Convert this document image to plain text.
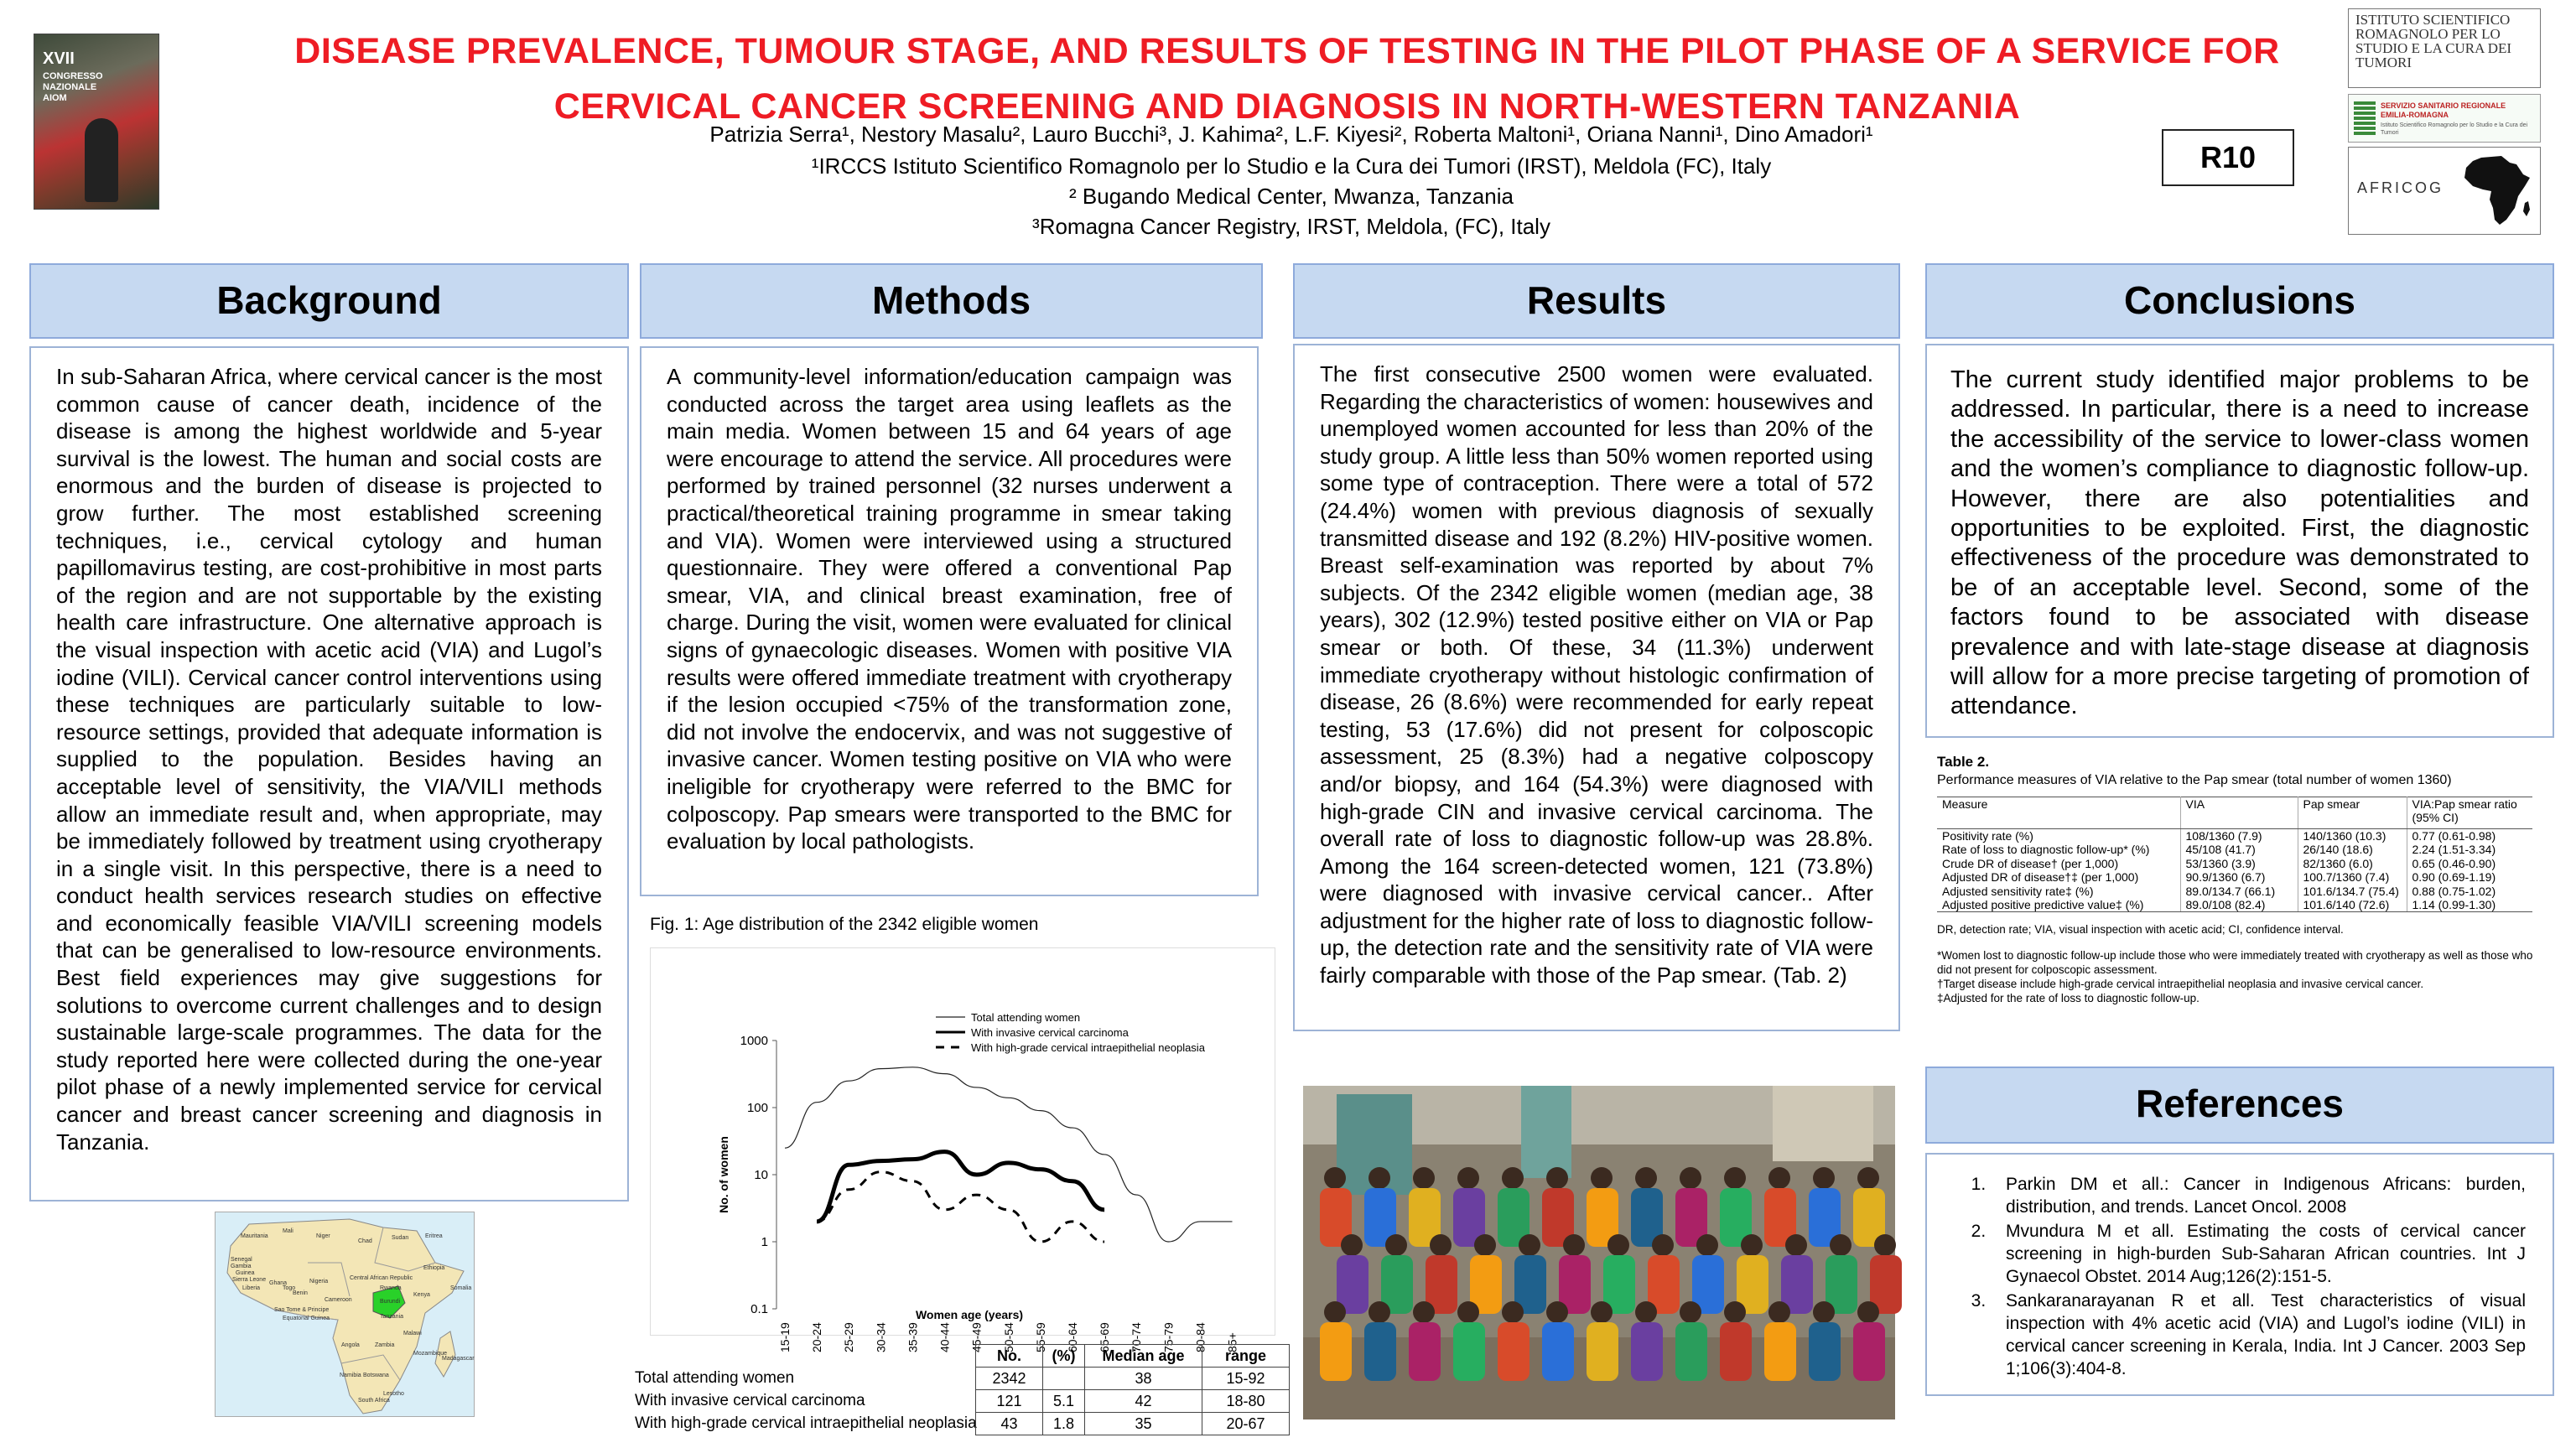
XVII
CONGRESSO NAZIONALE AIOM
DISEASE PREVALENCE, TUMOUR STAGE, AND RESULTS OF TESTING IN THE PILOT PHASE OF A SERVICE FOR CERVICAL CANCER SCREENING AND DIAGNOSIS IN NORTH-WESTERN TANZANIA
Patrizia Serra¹, Nestory Masalu², Lauro Bucchi³, J. Kahima², L.F. Kiyesi², Roberta Maltoni¹, Oriana Nanni¹, Dino Amadori¹
¹IRCCS Istituto Scientifico Romagnolo per lo Studio e la Cura dei Tumori (IRST), Meldola (FC), Italy
² Bugando Medical Center, Mwanza, Tanzania
³Romagna Cancer Registry, IRST, Meldola, (FC), Italy
R10
ISTITUTO SCIENTIFICO ROMAGNOLO PER LO STUDIO E LA CURA DEI TUMORI
SERVIZIO SANITARIO REGIONALE EMILIA-ROMAGNA
Istituto Scientifico Romagnolo per lo Studio e la Cura dei Tumori
AFRICOG
Background
In sub-Saharan Africa, where cervical cancer is the most common cause of cancer death, incidence of the disease is among the highest worldwide and 5-year survival is the lowest. The human and social costs are enormous and the burden of disease is projected to grow further. The most established screening techniques, i.e., cervical cytology and human papillomavirus testing, are cost-prohibitive in most parts of the region and are not supportable by the existing health care infrastructure. One alternative approach is the visual inspection with acetic acid (VIA) and Lugol’s iodine (VILI). Cervical cancer control interventions using these techniques are particularly suitable to low-resource settings, provided that adequate information is supplied to the population. Besides having an acceptable level of sensitivity, the VIA/VILI methods allow an immediate result and, when appropriate, may be immediately followed by treatment using cryotherapy in a single visit. In this perspective, there is a need to conduct health services research studies on effective and economically feasible VIA/VILI screening models that can be generalised to low-resource environments. Best field experiences may give suggestions for solutions to overcome current challenges and to design sustainable large-scale programmes. The data for the study reported here were collected during the one-year pilot phase of a newly implemented service for cervical cancer and breast cancer screening and diagnosis in Tanzania.
Mauritania
Mali
Niger
Chad
Sudan	Eritrea
Senegal
Gambia
Guinea
Sierra Leone
Liberia
Ghana
Togo
Benin
Nigeria
Sao Tome & Principe
Equatorial Guinea
Cameroon
Central African Republic
Ethiopia
Somalia
Kenya
Rwanda
Burundi
Tanzania
Angola	Zambia
Malawi
Mozambique
Namibia Botswana
Madagascar
South Africa
Lesotho
Methods
A community-level information/education campaign was conducted across the target area using leaflets as the main media. Women between 15 and 64 years of age were encourage to attend the service. All procedures were performed by trained personnel (32 nurses underwent a practical/theoretical training programme in smear taking and VIA). Women were interviewed using a structured questionnaire. They were offered a conventional Pap smear, VIA, and clinical breast examination, free of charge. During the visit, women were evaluated for clinical signs of gynaecologic diseases. Women with positive VIA results were offered immediate treatment with cryotherapy if the lesion occupied <75% of the transformation zone, did not involve the endocervix, and was not suggestive of invasive cancer. Women testing positive on VIA who were ineligible for cryotherapy were referred to the BMC for colposcopy. Pap smears were transported to the BMC for evaluation by local pathologists.
Fig. 1: Age distribution of the 2342 eligible women
0.1
1
10
100
1000
15-19 20-24 25-29 30-34 35-39 40-44 45-49 50-54 55-59 60-64 65-69 70-74 75-79 80-84 85+
Women age (years)
No. of women
Total attending women
With invasive cervical carcinoma
With high-grade cervical intraepithelial neoplasia
Total attending women
With invasive cervical carcinoma
With high-grade cervical intraepithelial neoplasia
No.	(%)	Median age	range
2342		38	15-92
121	5.1	42	18-80
43	1.8	35	20-67
Results
The first consecutive 2500 women were evaluated. Regarding the characteristics of women: housewives and unemployed women accounted for less than 20% of the study group. A little less than 50% women reported using some type of contraception. There were a total of 572 (24.4%) women with previous diagnosis of sexually transmitted disease and 192 (8.2%) HIV-positive women. Breast self-examination was reported by about 7% subjects. Of the 2342 eligible women (median age, 38 years), 302 (12.9%) tested positive either on VIA or Pap smear or both. Of these, 34 (11.3%) underwent immediate cryotherapy without histologic confirmation of disease, 26 (8.6%) were recommended for early repeat testing, 53 (17.6%) did not present for colposcopic assessment, 25 (8.3%) had a negative colposcopy and/or biopsy, and 164 (54.3%) were diagnosed with high-grade CIN and invasive cervical carcinoma. The overall rate of loss to diagnostic follow-up was 28.8%. Among the 164 screen-detected women, 121 (73.8%) were diagnosed with invasive cervical cancer.. After adjustment for the higher rate of loss to diagnostic follow-up, the detection rate and the sensitivity rate of VIA were fairly comparable with those of the Pap smear. (Tab. 2)
Conclusions
The current study identified major problems to be addressed. In particular, there is a need to increase the accessibility of the service to lower-class women and the women’s compliance to diagnostic follow-up. However, there are also potentialities and opportunities to be exploited. First, the diagnostic effectiveness of the procedure was demonstrated to be of an acceptable level. Second, some of the factors found to be associated with disease prevalence and with late-stage disease at diagnosis will allow for a more precise targeting of promotion of attendance.
Table 2.
Performance measures of VIA relative to the Pap smear (total number of women 1360)
Measure	VIA	Pap smear	VIA:Pap smear ratio (95% CI)
Positivity rate (%)	108/1360 (7.9)	140/1360 (10.3)	0.77 (0.61-0.98)
Rate of loss to diagnostic follow-up* (%)	45/108 (41.7)	26/140 (18.6)	2.24 (1.51-3.34)
Crude DR of disease† (per 1,000)	53/1360 (3.9)	82/1360 (6.0)	0.65 (0.46-0.90)
Adjusted DR of disease†‡ (per 1,000)	90.9/1360 (6.7)	100.7/1360 (7.4)	0.90 (0.69-1.19)
Adjusted sensitivity rate‡ (%)	89.0/134.7 (66.1)	101.6/134.7 (75.4)	0.88 (0.75-1.02)
Adjusted positive predictive value‡ (%)	89.0/108 (82.4)	101.6/140 (72.6)	1.14 (0.99-1.30)
DR, detection rate; VIA, visual inspection with acetic acid; CI, confidence interval.
*Women lost to diagnostic follow-up include those who were immediately treated with cryotherapy as well as those who did not present for colposcopic assessment.
†Target disease include high-grade cervical intraepithelial neoplasia and invasive cervical cancer.
‡Adjusted for the rate of loss to diagnostic follow-up.
References
1. Parkin DM et all.: Cancer in Indigenous Africans: burden, distribution, and trends. Lancet Oncol. 2008
2. Mvundura M et all. Estimating the costs of cervical cancer screening in high-burden Sub-Saharan African countries. Int J Gynaecol Obstet. 2014 Aug;126(2):151-5.
3. Sankaranarayanan R et all. Test characteristics of visual inspection with 4% acetic acid (VIA) and Lugol’s iodine (VILI) in cervical cancer screening in Kerala, India. Int J Cancer. 2003 Sep 1;106(3):404-8.
